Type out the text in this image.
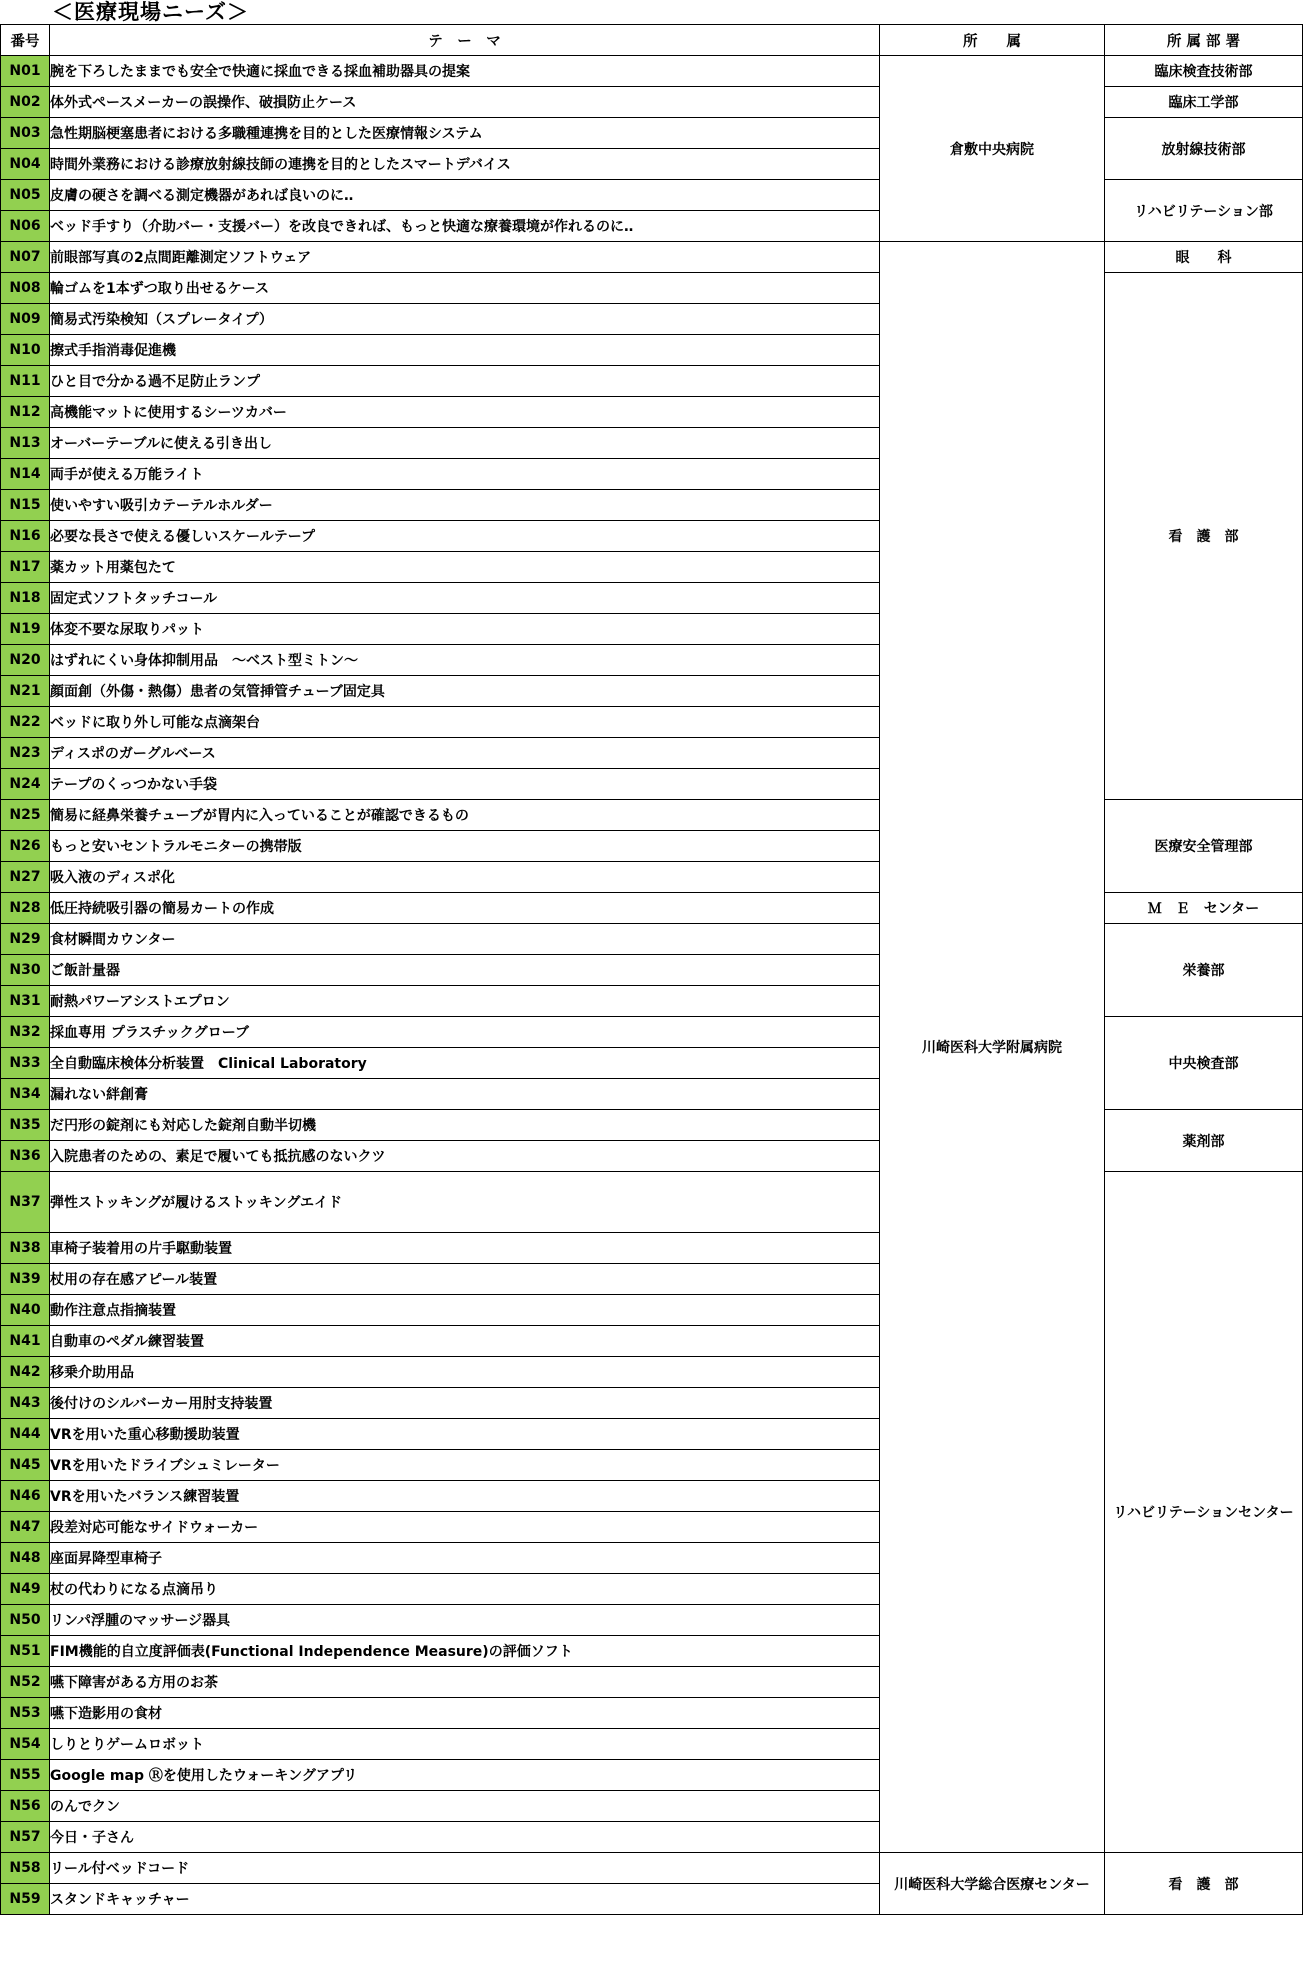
＜医療現場ニーズ＞
番号	テ　ー　マ	所　　属	所 属 部 署
N01	腕を下ろしたままでも安全で快適に採血できる採血補助器具の提案	倉敷中央病院	臨床検査技術部
N02	体外式ペースメーカーの誤操作、破損防止ケース		臨床工学部
N03	急性期脳梗塞患者における多職種連携を目的とした医療情報システム		放射線技術部
N04	時間外業務における診療放射線技師の連携を目的としたスマートデバイス		
N05	皮膚の硬さを調べる測定機器があれば良いのに‥		リハビリテーション部
N06	ベッド手すり（介助バー・支援バー）を改良できれば、もっと快適な療養環境が作れるのに‥		
N07	前眼部写真の2点間距離測定ソフトウェア	川崎医科大学附属病院	眼　　科
N08	輪ゴムを1本ずつ取り出せるケース		看　護　部
N09	簡易式汚染検知（スプレータイプ）		
N10	擦式手指消毒促進機		
N11	ひと目で分かる過不足防止ランプ		
N12	高機能マットに使用するシーツカバー		
N13	オーバーテーブルに使える引き出し		
N14	両手が使える万能ライト		
N15	使いやすい吸引カテーテルホルダー		
N16	必要な長さで使える優しいスケールテープ		
N17	薬カット用薬包たて		
N18	固定式ソフトタッチコール		
N19	体変不要な尿取りパット		
N20	はずれにくい身体抑制用品　～ベスト型ミトン～		
N21	顔面創（外傷・熱傷）患者の気管挿管チューブ固定具		
N22	ベッドに取り外し可能な点滴架台		
N23	ディスポのガーグルベース		
N24	テープのくっつかない手袋		
N25	簡易に経鼻栄養チューブが胃内に入っていることが確認できるもの		医療安全管理部
N26	もっと安いセントラルモニターの携帯版		
N27	吸入液のディスポ化		
N28	低圧持続吸引器の簡易カートの作成		Ｍ　Ｅ　センター
N29	食材瞬間カウンター		栄養部
N30	ご飯計量器		
N31	耐熱パワーアシストエプロン		
N32	採血専用 プラスチックグローブ		中央検査部
N33	全自動臨床検体分析装置　Clinical Laboratory		
N34	漏れない絆創膏		
N35	だ円形の錠剤にも対応した錠剤自動半切機		薬剤部
N36	入院患者のための、素足で履いても抵抗感のないクツ		
N37	弾性ストッキングが履けるストッキングエイド		リハビリテーションセンター
N38	車椅子装着用の片手駆動装置		
N39	杖用の存在感アピール装置		
N40	動作注意点指摘装置		
N41	自動車のペダル練習装置		
N42	移乗介助用品		
N43	後付けのシルバーカー用肘支持装置		
N44	VRを用いた重心移動援助装置		
N45	VRを用いたドライブシュミレーター		
N46	VRを用いたバランス練習装置		
N47	段差対応可能なサイドウォーカー		
N48	座面昇降型車椅子		
N49	杖の代わりになる点滴吊り		
N50	リンパ浮腫のマッサージ器具		
N51	FIM機能的自立度評価表(Functional Independence Measure)の評価ソフト		
N52	嚥下障害がある方用のお茶		
N53	嚥下造影用の食材		
N54	しりとりゲームロボット		
N55	Google map Ⓡを使用したウォーキングアプリ		
N56	のんでクン		
N57	今日・子さん		
N58	リール付ベッドコード	川崎医科大学総合医療センター	看　護　部
N59	スタンドキャッチャー		
